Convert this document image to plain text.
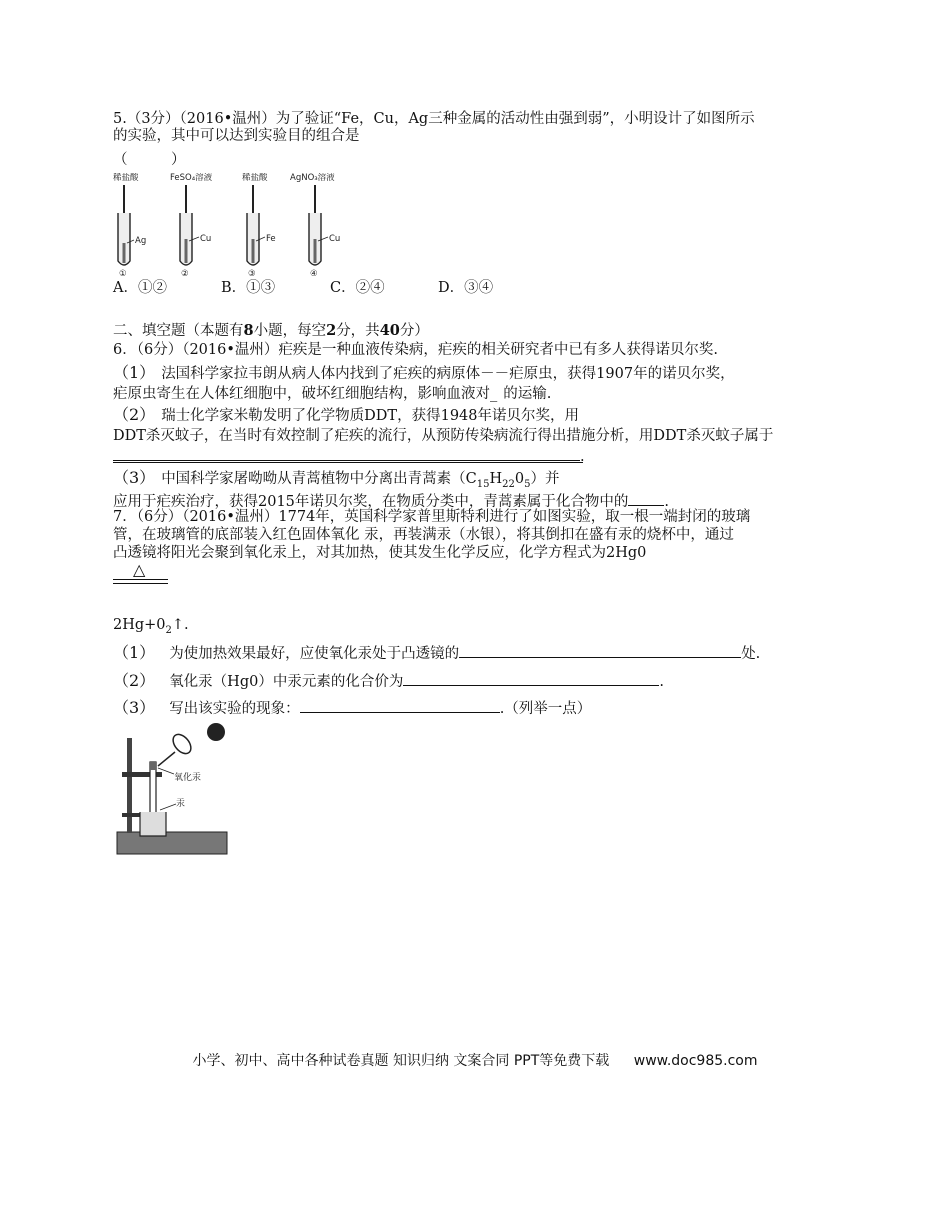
5.（3分）（2016•温州）为了验证“Fe，Cu，Ag三种金属的活动性由强到弱”，小明设计了如图所示
的实验，其中可以达到实验目的组合是
（　　　）
稀盐酸
Ag
①
FeSO₄溶液
Cu
②
稀盐酸
Fe
③
AgNO₃溶液
Cu
④
A．①②	B．①③	C．②④	D．③④
二、填空题（本题有8小题，每空2分，共40分）
6．（6分）（2016•温州）疟疾是一种血液传染病，疟疾的相关研究者中已有多人获得诺贝尔奖.
（1） 法国科学家拉韦朗从病人体内找到了疟疾的病原体－－疟原虫，获得1907年的诺贝尔奖，
疟原虫寄生在人体红细胞中，破坏红细胞结构，影响血液对_ 的运输.
（2） 瑞士化学家米勒发明了化学物质DDT，获得1948年诺贝尔奖，用
DDT杀灭蚊子，在当时有效控制了疟疾的流行，从预防传染病流行得出措施分析，用DDT杀灭蚊子属于
.
（3） 中国科学家屠呦呦从青蒿植物中分离出青蒿素$(C_{15}H_{22}0_5)$并
应用于疟疾治疗，获得2015年诺贝尔奖，在物质分类中，青蒿素属于化合物中的 .
7．（6分）（2016•温州）1774年，英国科学家普里斯特利进行了如图实验，取一根一端封闭的玻璃
管，在玻璃管的底部装入红色固体氧化 汞，再装满汞（水银），将其倒扣在盛有汞的烧杯中，通过
凸透镜将阳光会聚到氧化汞上，对其加热，使其发生化学反应，化学方程式为2Hg0
△
$2Hg+0_2↑$.
（1） 为使加热效果最好，应使氧化汞处于凸透镜的	处.
（2） 氧化汞（Hg0）中汞元素的化合价为	.
（3） 写出该实验的现象：	.（列举一点）
氧化汞
汞
小学、初中、高中各种试卷真题 知识归纳 文案合同 PPT等免费下载 www.doc985.com
